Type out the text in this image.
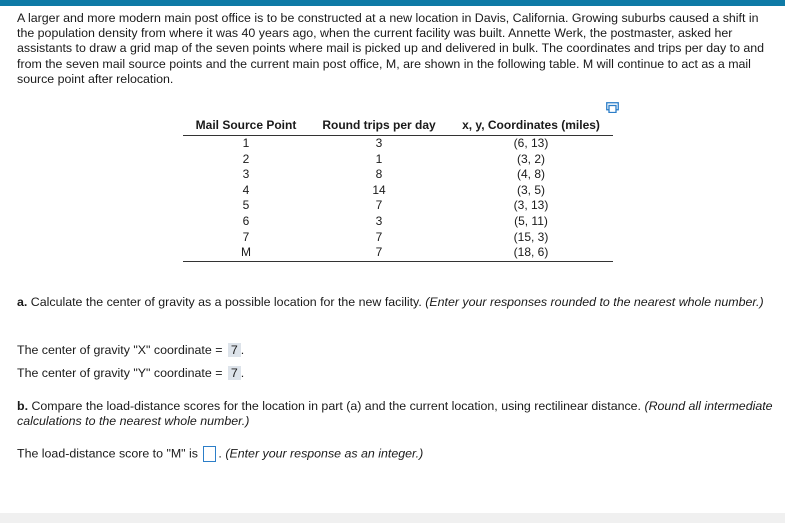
A larger and more modern main post office is to be constructed at a new location in Davis, California. Growing suburbs caused a shift in the population density from where it was 40 years ago, when the current facility was built. Annette Werk, the postmaster, asked her assistants to draw a grid map of the seven points where mail is picked up and delivered in bulk. The coordinates and trips per day to and from the seven mail source points and the current main post office, M, are shown in the following table. M will continue to act as a mail source point after relocation.
Mail Source Point	Round trips per day	x, y, Coordinates (miles)
1	3	(6, 13)
2	1	(3, 2)
3	8	(4, 8)
4	14	(3, 5)
5	7	(3, 13)
6	3	(5, 11)
7	7	(15, 3)
M	7	(18, 6)
a. Calculate the center of gravity as a possible location for the new facility. (Enter your responses rounded to the nearest whole number.)
The center of gravity "X" coordinate = 7 .
The center of gravity "Y" coordinate = 7 .
b. Compare the load-distance scores for the location in part (a) and the current location, using rectilinear distance. (Round all intermediate calculations to the nearest whole number.)
The load-distance score to "M" is . (Enter your response as an integer.)
